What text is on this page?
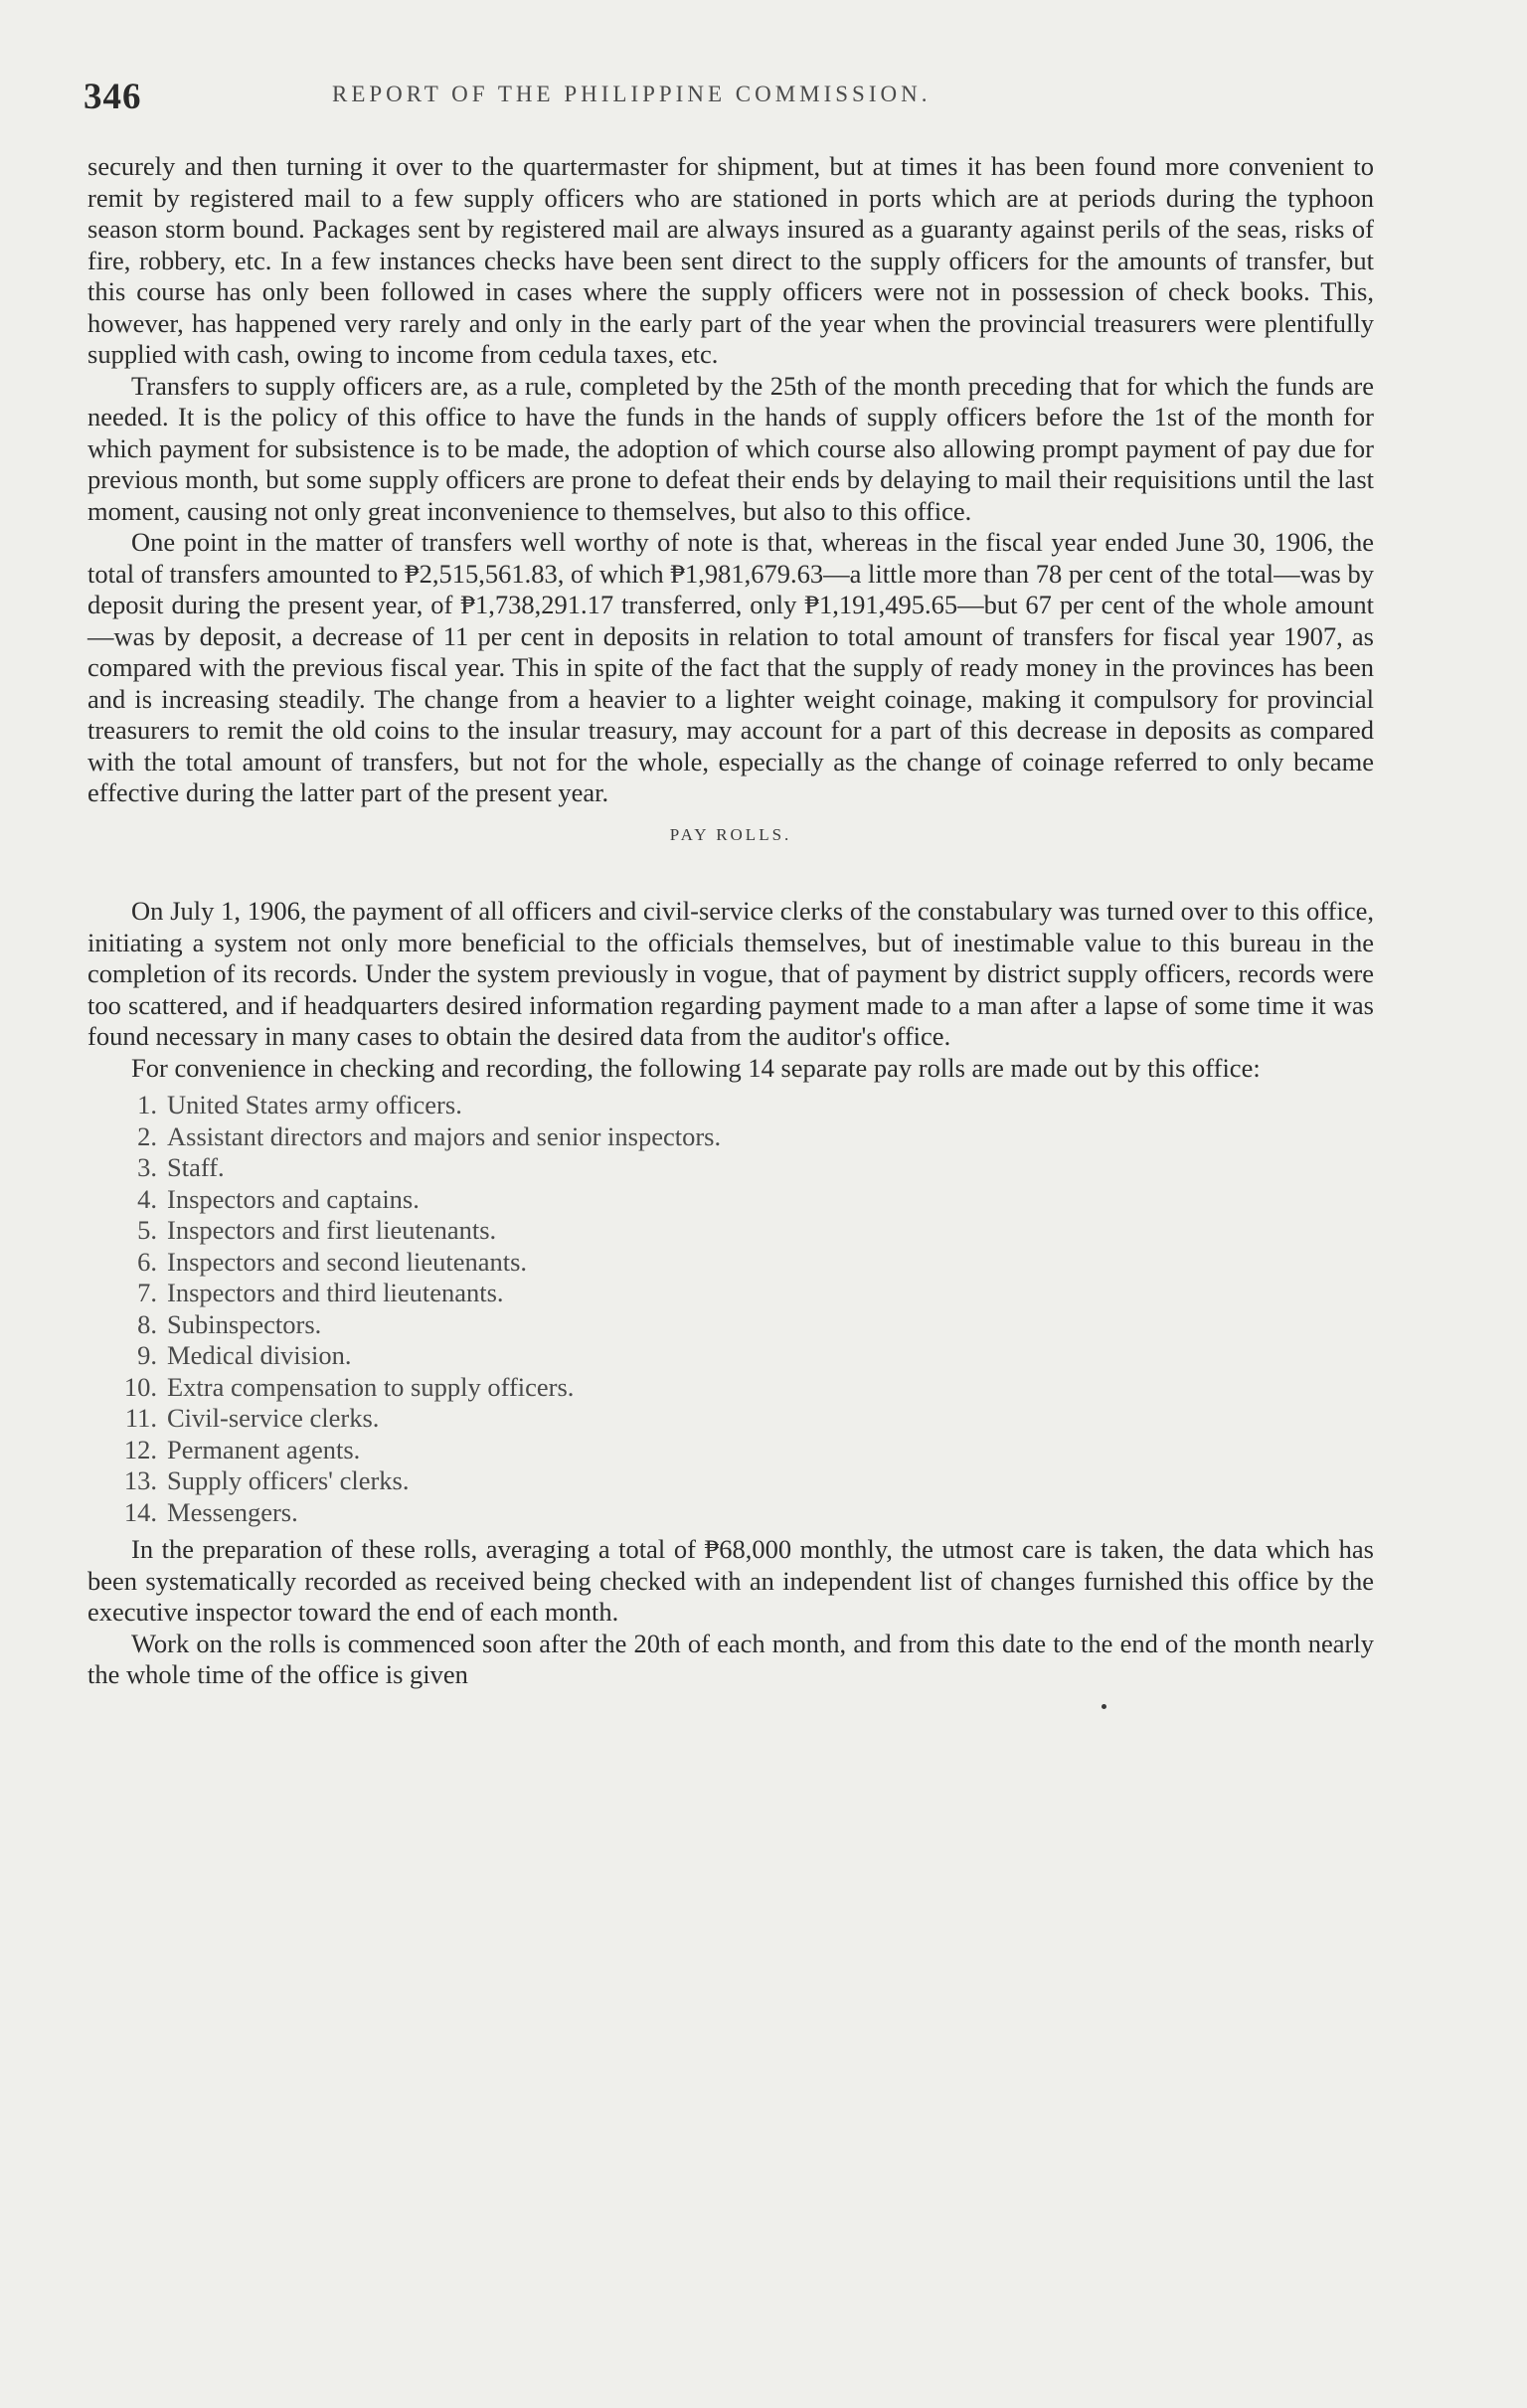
346	REPORT OF THE PHILIPPINE COMMISSION.

securely and then turning it over to the quartermaster for shipment, but at times it has been found more convenient to remit by registered mail to a few supply officers who are stationed in ports which are at periods during the typhoon season storm bound. Packages sent by registered mail are always insured as a guaranty against perils of the seas, risks of fire, robbery, etc. In a few instances checks have been sent direct to the supply officers for the amounts of transfer, but this course has only been followed in cases where the supply officers were not in possession of check books. This, however, has happened very rarely and only in the early part of the year when the provincial treasurers were plentifully supplied with cash, owing to income from cedula taxes, etc.

Transfers to supply officers are, as a rule, completed by the 25th of the month preceding that for which the funds are needed. It is the policy of this office to have the funds in the hands of supply officers before the 1st of the month for which payment for subsistence is to be made, the adoption of which course also allowing prompt payment of pay due for previous month, but some supply officers are prone to defeat their ends by delaying to mail their requisitions until the last moment, causing not only great inconvenience to themselves, but also to this office.

One point in the matter of transfers well worthy of note is that, whereas in the fiscal year ended June 30, 1906, the total of transfers amounted to ₱2,515,561.83, of which ₱1,981,679.63—a little more than 78 per cent of the total—was by deposit during the present year, of ₱1,738,291.17 transferred, only ₱1,191,495.65—but 67 per cent of the whole amount—was by deposit, a decrease of 11 per cent in deposits in relation to total amount of transfers for fiscal year 1907, as compared with the previous fiscal year. This in spite of the fact that the supply of ready money in the provinces has been and is increasing steadily. The change from a heavier to a lighter weight coinage, making it compulsory for provincial treasurers to remit the old coins to the insular treasury, may account for a part of this decrease in deposits as compared with the total amount of transfers, but not for the whole, especially as the change of coinage referred to only became effective during the latter part of the present year.

PAY ROLLS.

On July 1, 1906, the payment of all officers and civil-service clerks of the constabulary was turned over to this office, initiating a system not only more beneficial to the officials themselves, but of inestimable value to this bureau in the completion of its records. Under the system previously in vogue, that of payment by district supply officers, records were too scattered, and if headquarters desired information regarding payment made to a man after a lapse of some time it was found necessary in many cases to obtain the desired data from the auditor's office.

For convenience in checking and recording, the following 14 separate pay rolls are made out by this office:

1. United States army officers.
2. Assistant directors and majors and senior inspectors.
3. Staff.
4. Inspectors and captains.
5. Inspectors and first lieutenants.
6. Inspectors and second lieutenants.
7. Inspectors and third lieutenants.
8. Subinspectors.
9. Medical division.
10. Extra compensation to supply officers.
11. Civil-service clerks.
12. Permanent agents.
13. Supply officers' clerks.
14. Messengers.

In the preparation of these rolls, averaging a total of ₱68,000 monthly, the utmost care is taken, the data which has been systematically recorded as received being checked with an independent list of changes furnished this office by the executive inspector toward the end of each month.

Work on the rolls is commenced soon after the 20th of each month, and from this date to the end of the month nearly the whole time of the office is given
